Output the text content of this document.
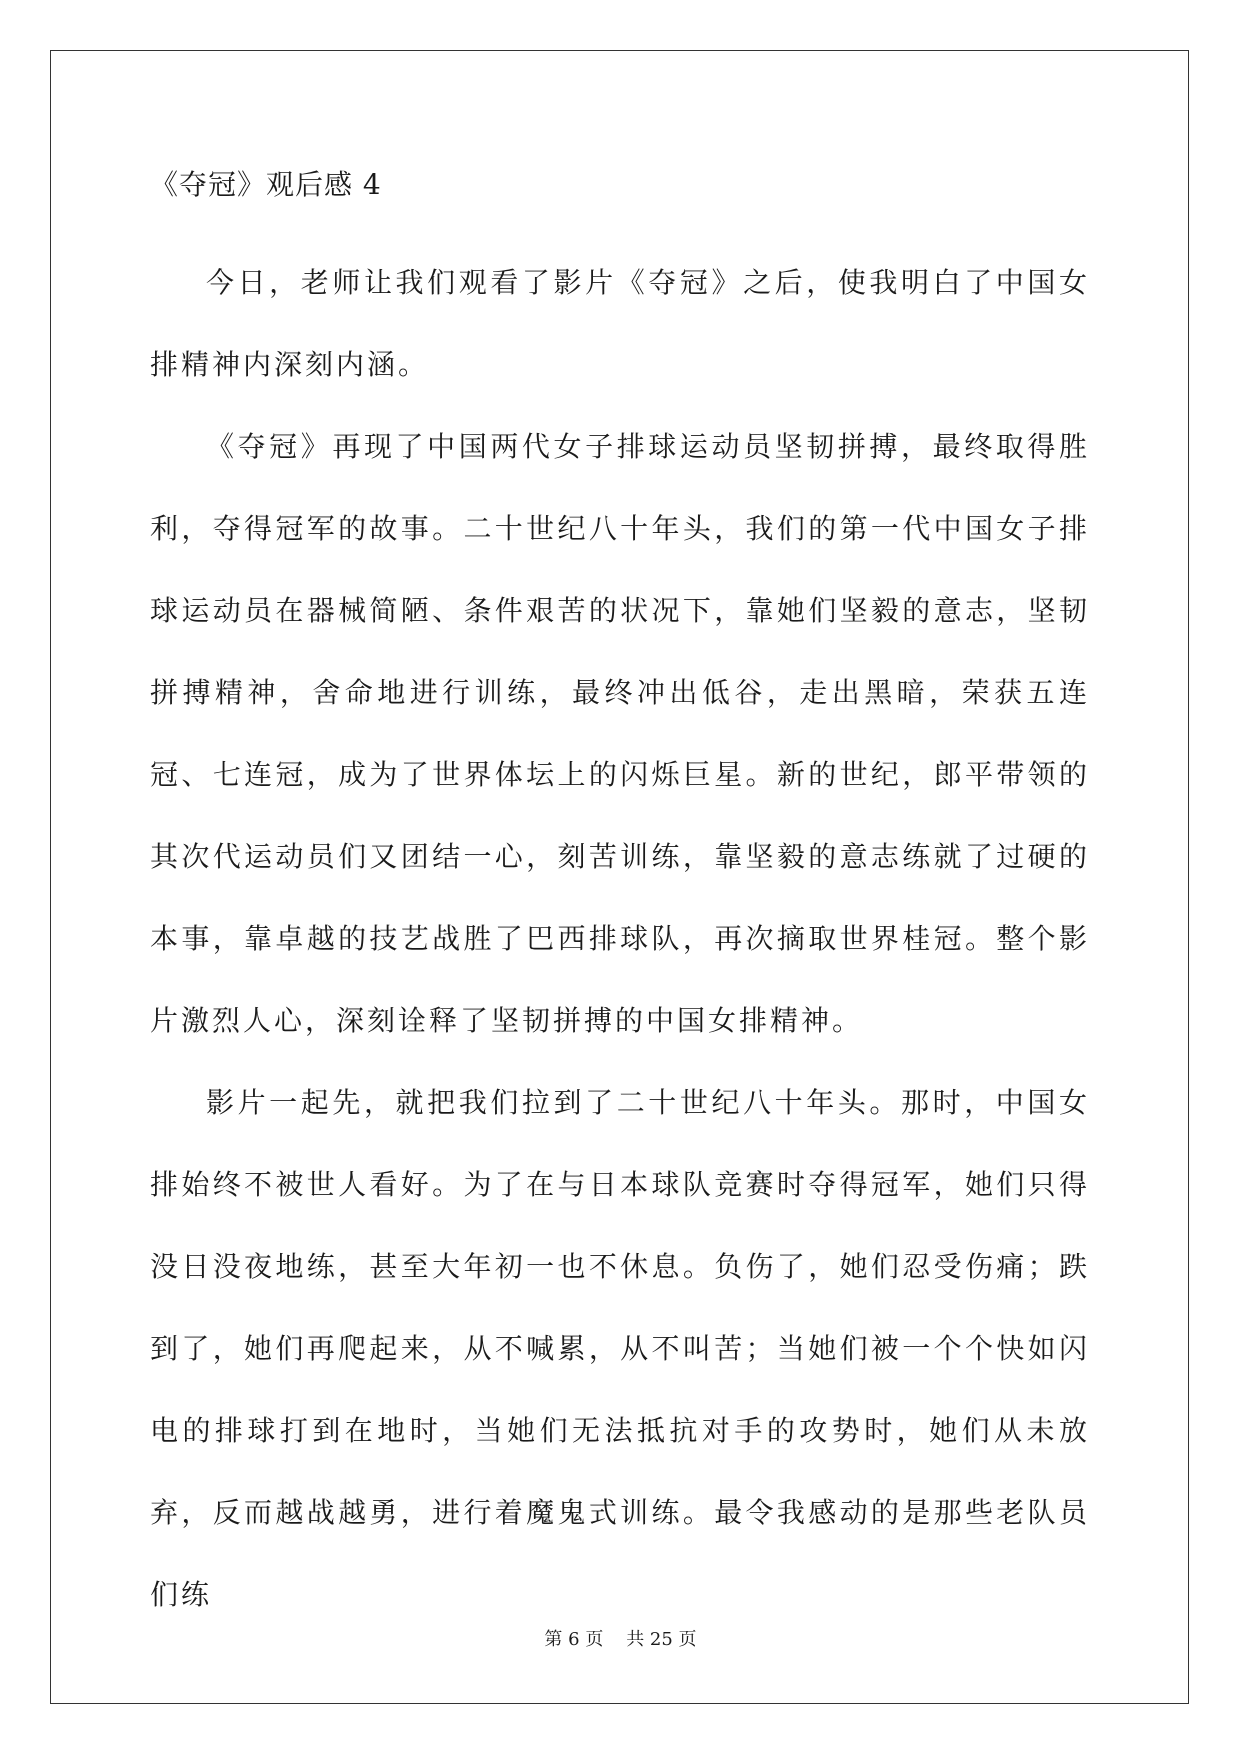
《夺冠》观后感 4

今日，老师让我们观看了影片《夺冠》之后，使我明白了中国女排精神内深刻内涵。

《夺冠》再现了中国两代女子排球运动员坚韧拼搏，最终取得胜利，夺得冠军的故事。二十世纪八十年头，我们的第一代中国女子排球运动员在器械简陋、条件艰苦的状况下，靠她们坚毅的意志，坚韧拼搏精神，舍命地进行训练，最终冲出低谷，走出黑暗，荣获五连冠、七连冠，成为了世界体坛上的闪烁巨星。新的世纪，郎平带领的其次代运动员们又团结一心，刻苦训练，靠坚毅的意志练就了过硬的本事，靠卓越的技艺战胜了巴西排球队，再次摘取世界桂冠。整个影片激烈人心，深刻诠释了坚韧拼搏的中国女排精神。

影片一起先，就把我们拉到了二十世纪八十年头。那时，中国女排始终不被世人看好。为了在与日本球队竞赛时夺得冠军，她们只得没日没夜地练，甚至大年初一也不休息。负伤了，她们忍受伤痛；跌到了，她们再爬起来，从不喊累，从不叫苦；当她们被一个个快如闪电的排球打到在地时，当她们无法抵抗对手的攻势时，她们从未放弃，反而越战越勇，进行着魔鬼式训练。最令我感动的是那些老队员们练

第 6 页    共 25 页
